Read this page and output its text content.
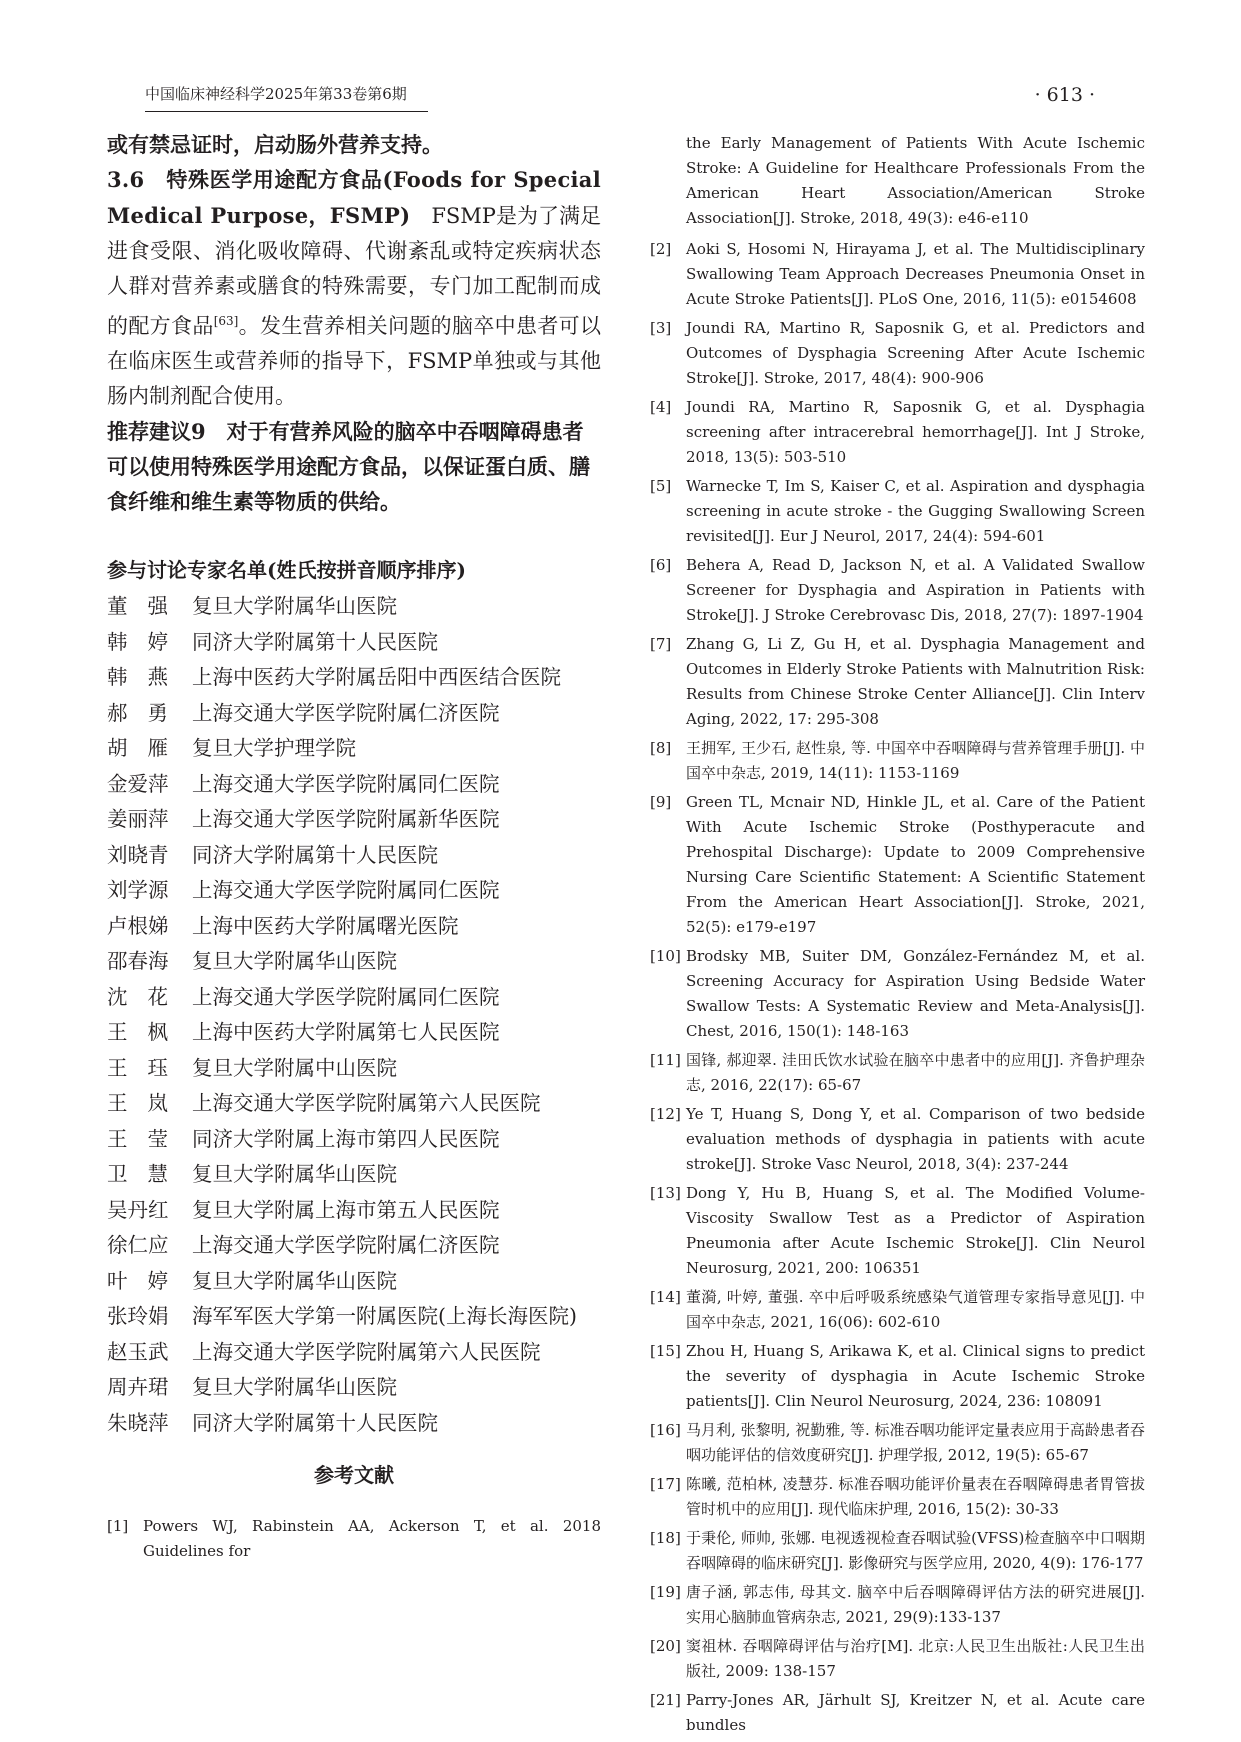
中国临床神经科学2025年第33卷第6期	· 613 ·

或有禁忌证时，启动肠外营养支持。

3.6　特殊医学用途配方食品(Foods for Special Medical Purpose，FSMP)　FSMP是为了满足进食受限、消化吸收障碍、代谢紊乱或特定疾病状态人群对营养素或膳食的特殊需要，专门加工配制而成的配方食品[63]。发生营养相关问题的脑卒中患者可以在临床医生或营养师的指导下，FSMP单独或与其他肠内制剂配合使用。

推荐建议9　对于有营养风险的脑卒中吞咽障碍患者可以使用特殊医学用途配方食品，以保证蛋白质、膳食纤维和维生素等物质的供给。

参与讨论专家名单(姓氏按拼音顺序排序)
董强 复旦大学附属华山医院
韩婷 同济大学附属第十人民医院
韩燕 上海中医药大学附属岳阳中西医结合医院
郝勇 上海交通大学医学院附属仁济医院
胡雁 复旦大学护理学院
金爱萍	上海交通大学医学院附属同仁医院
姜丽萍	上海交通大学医学院附属新华医院
刘晓青	同济大学附属第十人民医院
刘学源	上海交通大学医学院附属同仁医院
卢根娣	上海中医药大学附属曙光医院
邵春海	复旦大学附属华山医院
沈花 上海交通大学医学院附属同仁医院
王枫 上海中医药大学附属第七人民医院
王珏 复旦大学附属中山医院
王岚 上海交通大学医学院附属第六人民医院
王莹 同济大学附属上海市第四人民医院
卫慧 复旦大学附属华山医院
吴丹红	复旦大学附属上海市第五人民医院
徐仁应	上海交通大学医学院附属仁济医院
叶婷 复旦大学附属华山医院
张玲娟	海军军医大学第一附属医院(上海长海医院)
赵玉武	上海交通大学医学院附属第六人民医院
周卉珺	复旦大学附属华山医院
朱晓萍	同济大学附属第十人民医院
参考文献
[1] Powers WJ, Rabinstein AA, Ackerson T, et al. 2018 Guidelines for
the Early Management of Patients With Acute Ischemic Stroke: A Guideline for Healthcare Professionals From the American Heart Association/American Stroke Association[J]. Stroke, 2018, 49(3): e46-e110
[2] Aoki S, Hosomi N, Hirayama J, et al. The Multidisciplinary Swallowing Team Approach Decreases Pneumonia Onset in Acute Stroke Patients[J]. PLoS One, 2016, 11(5): e0154608
[3] Joundi RA, Martino R, Saposnik G, et al. Predictors and Outcomes of Dysphagia Screening After Acute Ischemic Stroke[J]. Stroke, 2017, 48(4): 900-906
[4] Joundi RA, Martino R, Saposnik G, et al. Dysphagia screening after intracerebral hemorrhage[J]. Int J Stroke, 2018, 13(5): 503-510
[5] Warnecke T, Im S, Kaiser C, et al. Aspiration and dysphagia screening in acute stroke - the Gugging Swallowing Screen revisited[J]. Eur J Neurol, 2017, 24(4): 594-601
[6] Behera A, Read D, Jackson N, et al. A Validated Swallow Screener for Dysphagia and Aspiration in Patients with Stroke[J]. J Stroke Cerebrovasc Dis, 2018, 27(7): 1897-1904
[7] Zhang G, Li Z, Gu H, et al. Dysphagia Management and Outcomes in Elderly Stroke Patients with Malnutrition Risk: Results from Chinese Stroke Center Alliance[J]. Clin Interv Aging, 2022, 17: 295-308
[8] 王拥军, 王少石, 赵性泉, 等. 中国卒中吞咽障碍与营养管理手册[J]. 中国卒中杂志, 2019, 14(11): 1153-1169
[9] Green TL, Mcnair ND, Hinkle JL, et al. Care of the Patient With Acute Ischemic Stroke (Posthyperacute and Prehospital Discharge): Update to 2009 Comprehensive Nursing Care Scientific Statement: A Scientific Statement From the American Heart Association[J]. Stroke, 2021, 52(5): e179-e197
[10] Brodsky MB, Suiter DM, González-Fernández M, et al. Screening Accuracy for Aspiration Using Bedside Water Swallow Tests: A Systematic Review and Meta-Analysis[J]. Chest, 2016, 150(1): 148-163
[11] 国锋, 郝迎翠. 洼田氏饮水试验在脑卒中患者中的应用[J]. 齐鲁护理杂志, 2016, 22(17): 65-67
[12] Ye T, Huang S, Dong Y, et al. Comparison of two bedside evaluation methods of dysphagia in patients with acute stroke[J]. Stroke Vasc Neurol, 2018, 3(4): 237-244
[13] Dong Y, Hu B, Huang S, et al. The Modified Volume-Viscosity Swallow Test as a Predictor of Aspiration Pneumonia after Acute Ischemic Stroke[J]. Clin Neurol Neurosurg, 2021, 200: 106351
[14] 董漪, 叶婷, 董强. 卒中后呼吸系统感染气道管理专家指导意见[J]. 中国卒中杂志, 2021, 16(06): 602-610
[15] Zhou H, Huang S, Arikawa K, et al. Clinical signs to predict the severity of dysphagia in Acute Ischemic Stroke patients[J]. Clin Neurol Neurosurg, 2024, 236: 108091
[16] 马月利, 张黎明, 祝勤雅, 等. 标准吞咽功能评定量表应用于高龄患者吞咽功能评估的信效度研究[J]. 护理学报, 2012, 19(5): 65-67
[17] 陈曦, 范柏林, 凌慧芬. 标准吞咽功能评价量表在吞咽障碍患者胃管拔管时机中的应用[J]. 现代临床护理, 2016, 15(2): 30-33
[18] 于秉伦, 师帅, 张娜. 电视透视检查吞咽试验(VFSS)检查脑卒中口咽期吞咽障碍的临床研究[J]. 影像研究与医学应用, 2020, 4(9): 176-177
[19] 唐子涵, 郭志伟, 母其文. 脑卒中后吞咽障碍评估方法的研究进展[J]. 实用心脑肺血管病杂志, 2021, 29(9):133-137
[20] 窦祖林. 吞咽障碍评估与治疗[M]. 北京:人民卫生出版社:人民卫生出版社, 2009: 138-157
[21] Parry-Jones AR, Järhult SJ, Kreitzer N, et al. Acute care bundles
